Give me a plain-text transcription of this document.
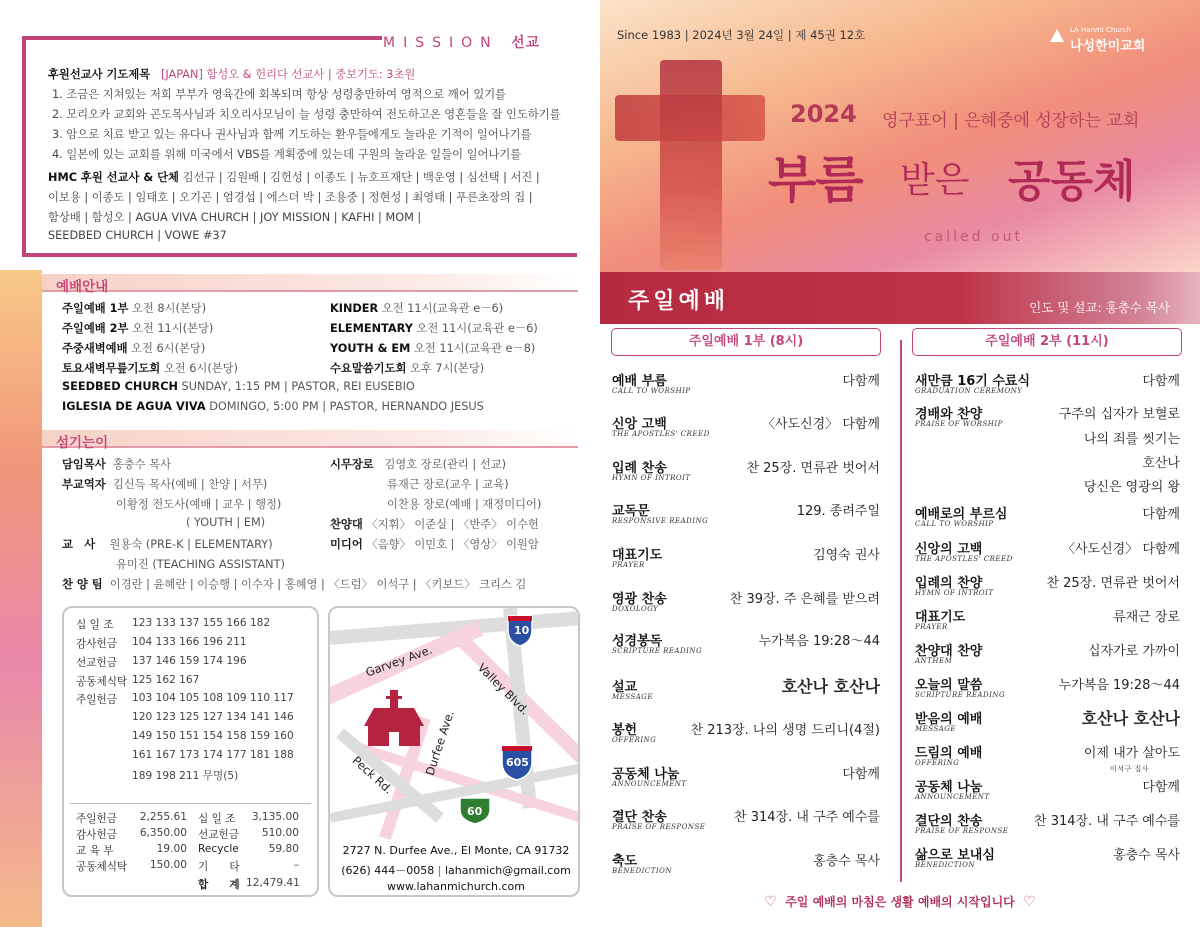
MISSION 선교
후원선교사 기도제목 [JAPAN] 함성오 & 헌리다 선교사 | 중보기도: 3초원
1. 조금은 지쳐있는 저희 부부가 영육간에 회복되며 항상 성령충만하여 영적으로 깨어 있기를
2. 모리오카 교회와 곤도목사님과 치오리사모님이 늘 성령 충만하여 전도하고온 영혼들을 잘 인도하기를
3. 암으로 치료 받고 있는 유다나 권사님과 함께 기도하는 환우들에게도 놀라운 기적이 일어나기를
4. 일본에 있는 교회를 위해 미국에서 VBS를 계획중에 있는데 구원의 놀라운 일들이 일어나기를
HMC 후원 선교사 & 단체 김선규 | 김원배 | 김헌성 | 이종도 | 뉴호프재단 | 백운영 | 심선택 | 서진 |
이보용 | 이종도 | 임태호 | 오기곤 | 엄경섭 | 에스더 박 | 조용중 | 정현성 | 최영태 | 푸른초장의 집 |
함상배 | 함성오 | AGUA VIVA CHURCH | JOY MISSION | KAFHI | MOM |
SEEDBED CHURCH | VOWE #37
예배안내
주일예배 1부 오전 8시(본당)
주일예배 2부 오전 11시(본당)
주중새벽예배 오전 6시(본당)
토요새벽무릎기도회 오전 6시(본당)
KINDER 오전 11시(교육관 e－6)
ELEMENTARY 오전 11시(교육관 e－6)
YOUTH & EM 오전 11시(교육관 e－8)
수요말씀기도회 오후 7시(본당)
SEEDBED CHURCH SUNDAY, 1:15 PM | PASTOR, REI EUSEBIO
IGLESIA DE AGUA VIVA DOMINGO, 5:00 PM | PASTOR, HERNANDO JESUS
섬기는이
담임목사 홍충수 목사
부교역자 김신득 목사(예배 | 찬양 | 서무)
이황정 전도사(예배 | 교우 | 행정)
( YOUTH | EM)
교　사 원용숙 (PRE-K | ELEMENTARY)
유미진 (TEACHING ASSISTANT)
찬 양 팀 이경란 | 윤혜란 | 이승행 | 이수자 | 홍혜영 | 〈드럼〉 이석구 | 〈키보드〉 크리스 김
시무장로 김영호 장로(관리 | 선교)
류재근 장로(교우 | 교육)
이찬용 장로(예배 | 재정미디어)
찬양대 〈지휘〉 이준실 | 〈반주〉 이수헌
미디어 〈음향〉 이민호 | 〈영상〉 이원암
Garvey Ave.	Valley Blvd.
Durfee Ave.
Peck Rd.
10
605
60
2727 N. Durfee Ave., El Monte, CA 91732
(626) 444－0058 | lahanmich@gmail.com
www.lahanmichurch.com
Since 1983 | 2024년 3월 24일 | 제 45권 12호	LA Hanmi Church
나성한미교회
2024 영구표어 | 은혜중에 성장하는 교회
부름 받은 공동체
called out
주일예배	인도 및 설교: 홍충수 목사
주일예배 1부 (8시)	주일예배 2부 (11시)
이석구 집사
♡ 주일 예배의 마침은 생활 예배의 시작입니다 ♡
십 일 조 123 133 137 155 166 182
감사헌금 104 133 166 196 211
선교헌금 137 146 159 174 196
공동체식탁 125 162 167
주일헌금 103 104 105 108 109 110 117
120 123 125 127 134 141 146
149 150 151 154 158 159 160
161 167 173 174 177 181 188
189 198 211 무명(5)
주일헌금	2,255.61
감사헌금	6,350.00
교 육 부	19.00
공동체식탁	150.00
십 일 조	3,135.00
선교헌금	510.00
Recycle	59.80
기　　타	–
합　　계 12,479.41
예배 부름
CALL TO WORSHIP
다함께
신앙 고백
THE APOSTLES' CREED
〈사도신경〉 다함께
입례 찬송
HYMN OF INTROIT
찬 25장. 면류관 벗어서
교독문
RESPONSIVE READING
129. 종려주일
대표기도
PRAYER
김영숙 권사
영광 찬송
DOXOLOGY
찬 39장. 주 은혜를 받으려
성경봉독
SCRIPTURE READING
누가복음 19:28～44
설교
MESSAGE
호산나 호산나
봉헌
OFFERING
찬 213장. 나의 생명 드리니(4절)
공동체 나눔
ANNOUNCEMENT
다함께
결단 찬송
PRAISE OF RESPONSE
찬 314장. 내 구주 예수를
축도
BENEDICTION
홍충수 목사
새만큼 16기 수료식
GRADUATION CEREMONY
다함께
경배와 찬양
PRAISE OF WORSHIP
구주의 십자가 보혈로
나의 죄를 씻기는
호산나
당신은 영광의 왕
예배로의 부르심
CALL TO WORSHIP
다함께
신앙의 고백
THE APOSTLES' CREED
〈사도신경〉 다함께
입례의 찬양
HYMN OF INTROIT
찬 25장. 면류관 벗어서
대표기도
PRAYER
류재근 장로
찬양대 찬양
ANTHEM
십자가로 가까이
오늘의 말씀
SCRIPTURE READING
누가복음 19:28～44
받음의 예배
MESSAGE
호산나 호산나
드림의 예배
OFFERING
이제 내가 살아도
공동체 나눔
ANNOUNCEMENT
다함께
결단의 찬송
PRAISE OF RESPONSE
찬 314장. 내 구주 예수를
삶으로 보내심
BENEDICTION
홍충수 목사
